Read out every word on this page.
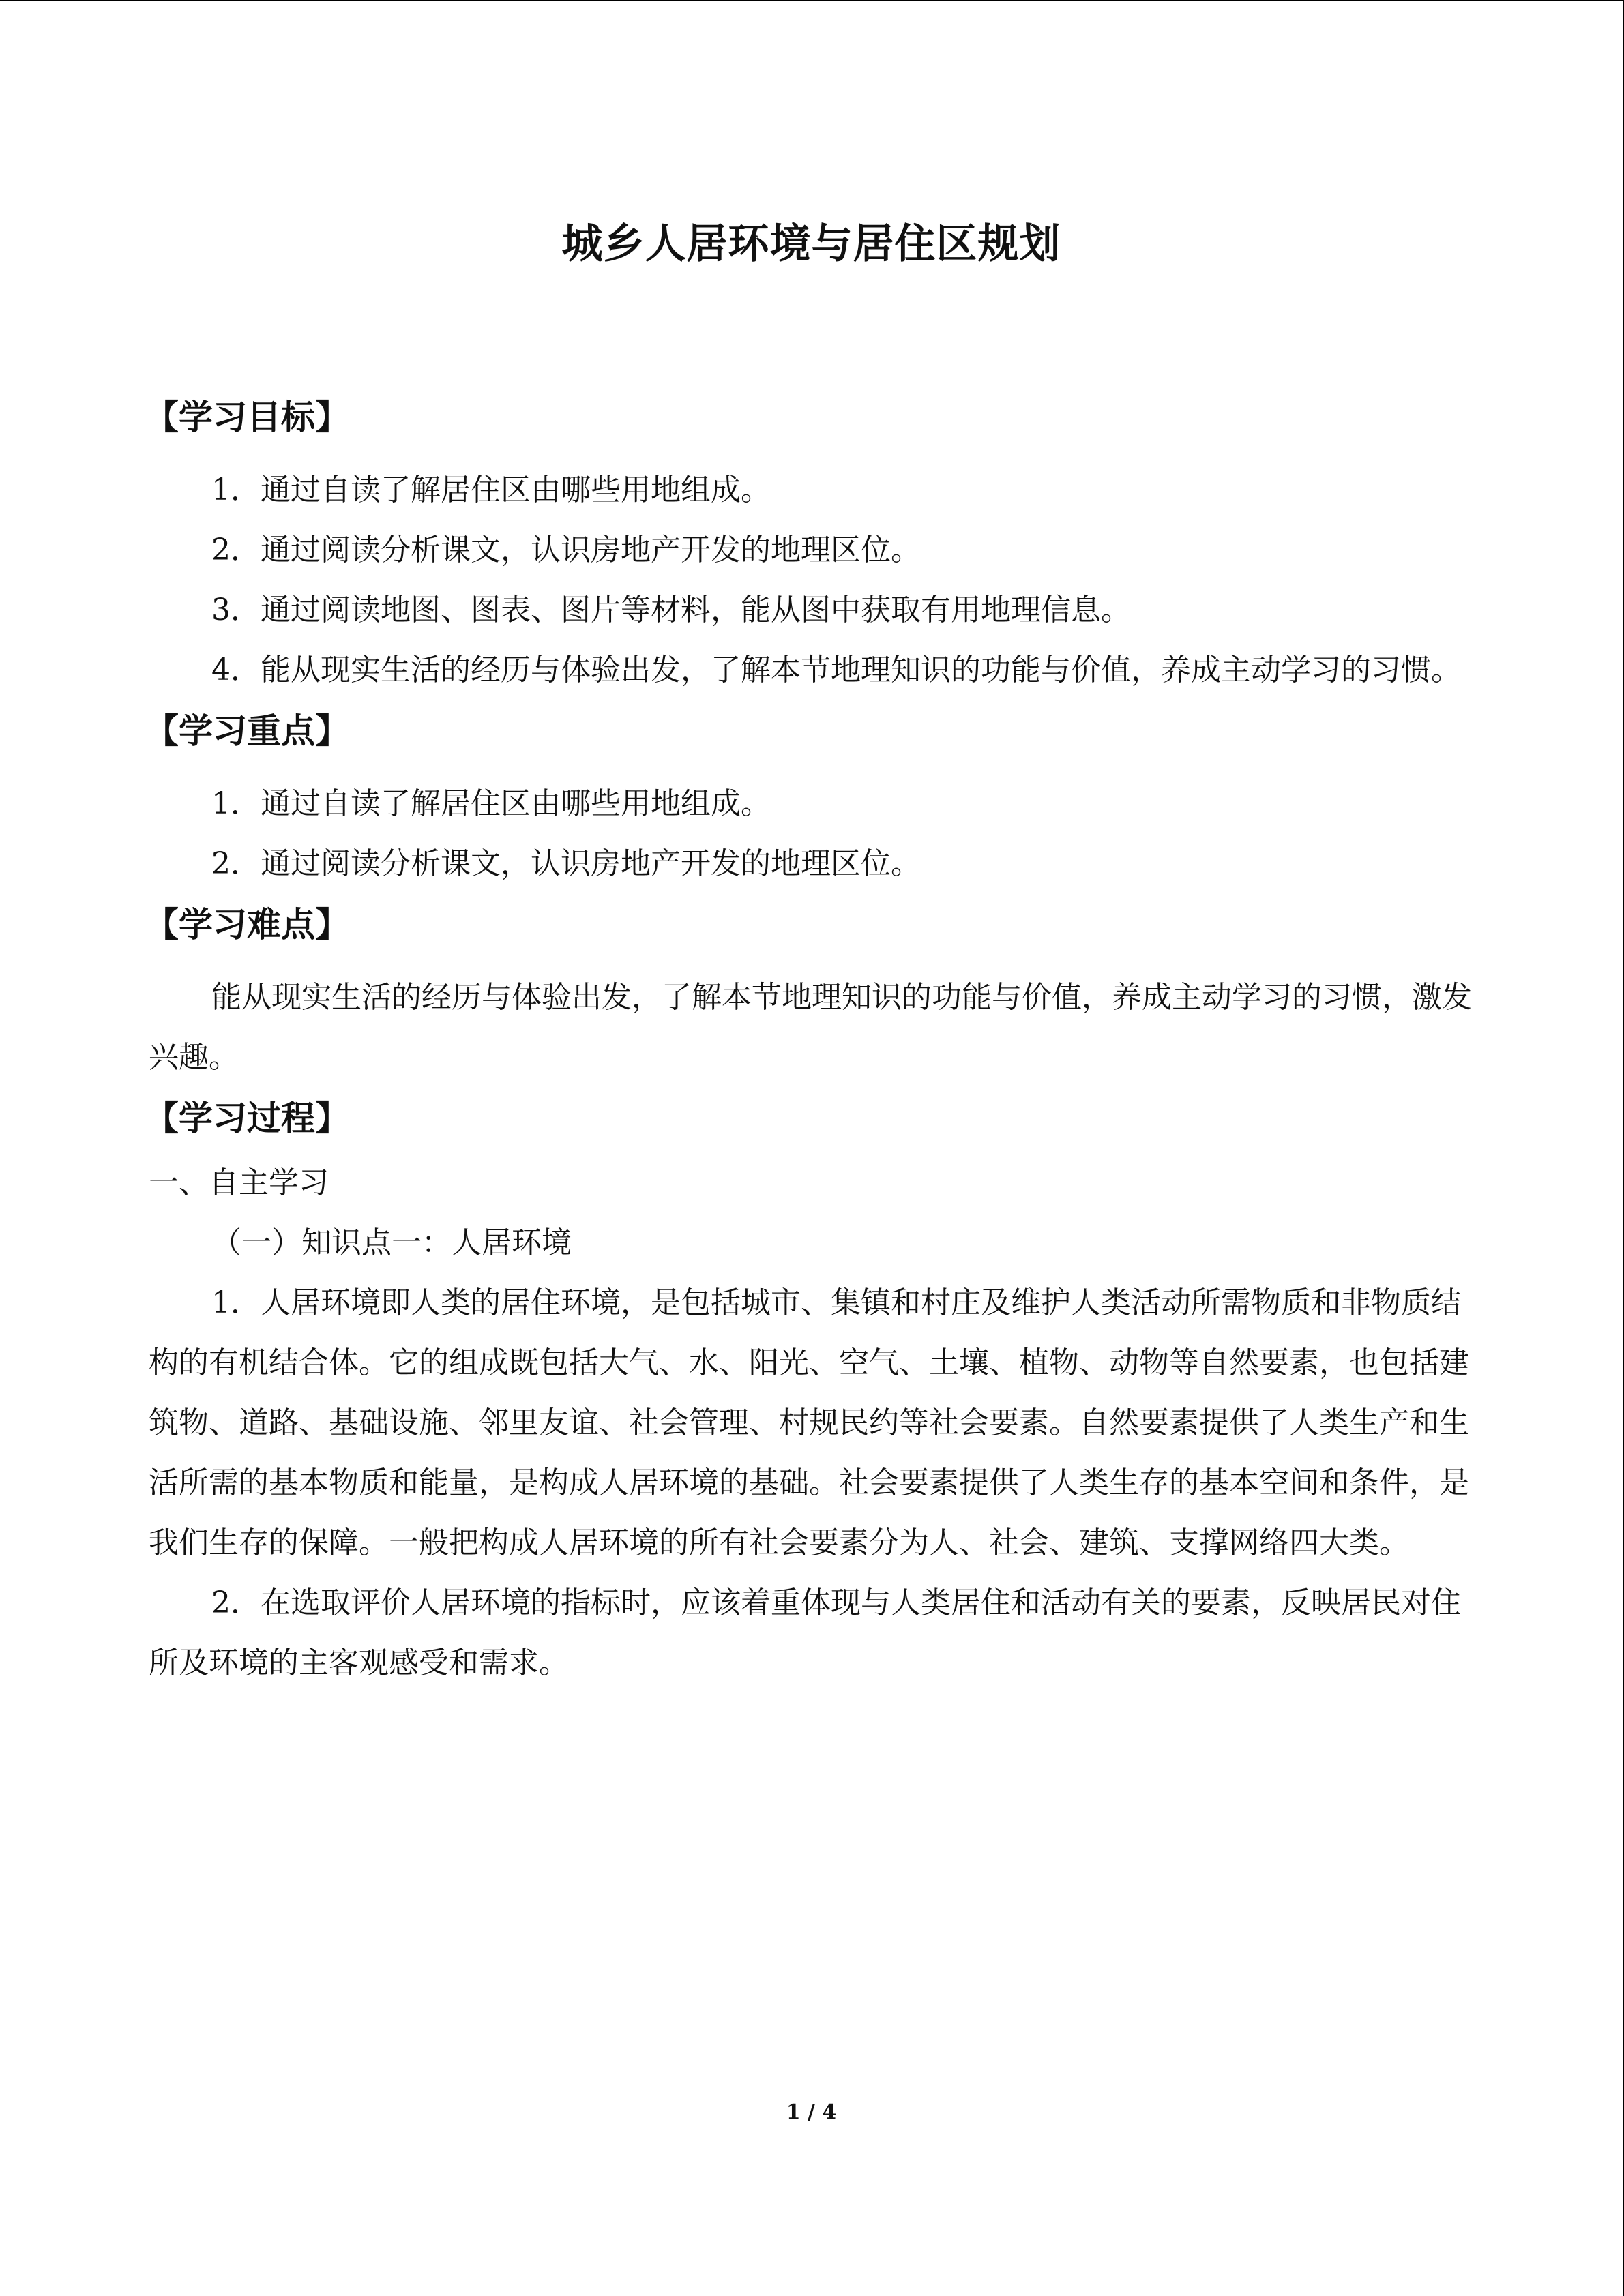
城乡人居环境与居住区规划
【学习目标】

1．通过自读了解居住区由哪些用地组成。

2．通过阅读分析课文，认识房地产开发的地理区位。

3．通过阅读地图、图表、图片等材料，能从图中获取有用地理信息。

4．能从现实生活的经历与体验出发，了解本节地理知识的功能与价值，养成主动学习的习惯。

【学习重点】

1．通过自读了解居住区由哪些用地组成。

2．通过阅读分析课文，认识房地产开发的地理区位。

【学习难点】

能从现实生活的经历与体验出发，了解本节地理知识的功能与价值，养成主动学习的习惯，激发兴趣。

【学习过程】

一、自主学习

（一）知识点一：人居环境

1．人居环境即人类的居住环境，是包括城市、集镇和村庄及维护人类活动所需物质和非物质结构的有机结合体。它的组成既包括大气、水、阳光、空气、土壤、植物、动物等自然要素，也包括建筑物、道路、基础设施、邻里友谊、社会管理、村规民约等社会要素。自然要素提供了人类生产和生活所需的基本物质和能量，是构成人居环境的基础。社会要素提供了人类生存的基本空间和条件，是我们生存的保障。一般把构成人居环境的所有社会要素分为人、社会、建筑、支撑网络四大类。

2．在选取评价人居环境的指标时，应该着重体现与人类居住和活动有关的要素，反映居民对住所及环境的主客观感受和需求。

1 / 4
